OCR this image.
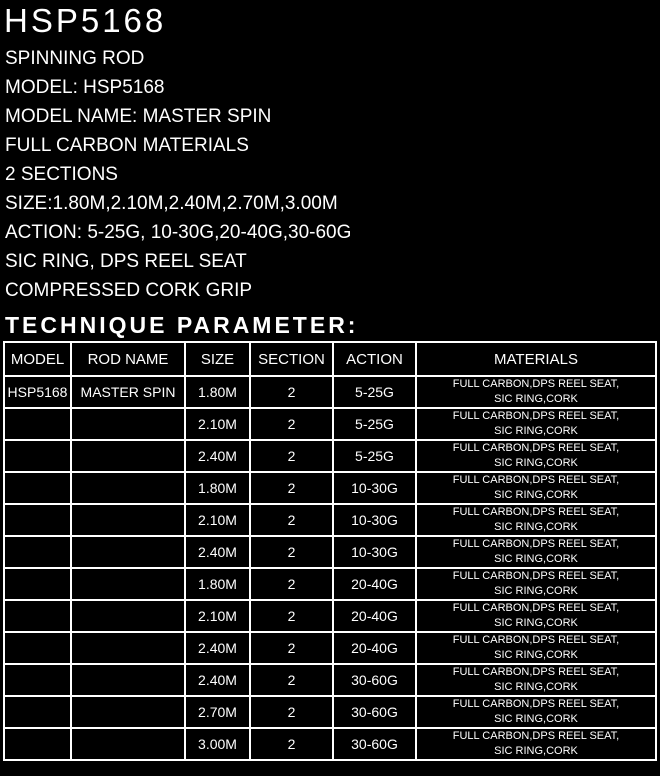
HSP5168
SPINNING ROD
MODEL: HSP5168
MODEL NAME: MASTER SPIN
FULL CARBON MATERIALS
2 SECTIONS
SIZE:1.80M,2.10M,2.40M,2.70M,3.00M
ACTION: 5-25G, 10-30G,20-40G,30-60G
SIC RING, DPS REEL SEAT
COMPRESSED CORK GRIP
TECHNIQUE PARAMETER:
MODEL	ROD NAME	SIZE	SECTION	ACTION	MATERIALS
HSP5168	MASTER SPIN	1.80M	2	5-25G	FULL CARBON,DPS REEL SEAT,
SIC RING,CORK

		2.10M	2	5-25G	FULL CARBON,DPS REEL SEAT,
SIC RING,CORK

		2.40M	2	5-25G	FULL CARBON,DPS REEL SEAT,
SIC RING,CORK

		1.80M	2	10-30G	FULL CARBON,DPS REEL SEAT,
SIC RING,CORK

		2.10M	2	10-30G	FULL CARBON,DPS REEL SEAT,
SIC RING,CORK

		2.40M	2	10-30G	FULL CARBON,DPS REEL SEAT,
SIC RING,CORK

		1.80M	2	20-40G	FULL CARBON,DPS REEL SEAT,
SIC RING,CORK

		2.10M	2	20-40G	FULL CARBON,DPS REEL SEAT,
SIC RING,CORK

		2.40M	2	20-40G	FULL CARBON,DPS REEL SEAT,
SIC RING,CORK

		2.40M	2	30-60G	FULL CARBON,DPS REEL SEAT,
SIC RING,CORK

		2.70M	2	30-60G	FULL CARBON,DPS REEL SEAT,
SIC RING,CORK

		3.00M	2	30-60G	FULL CARBON,DPS REEL SEAT,
SIC RING,CORK
